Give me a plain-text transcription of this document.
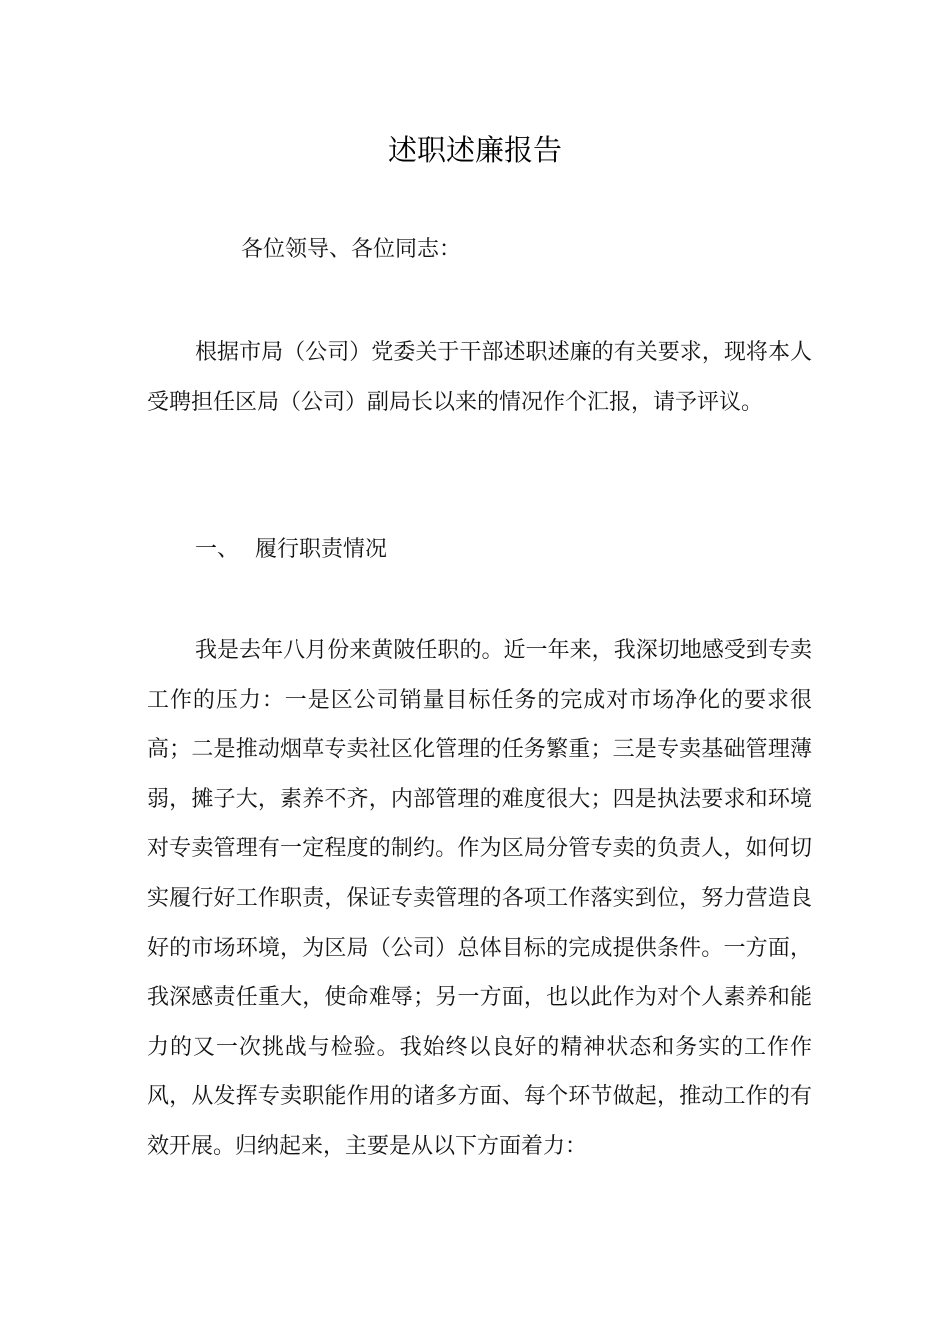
述职述廉报告
各位领导、各位同志：

根据市局（公司）党委关于干部述职述廉的有关要求，现将本人受聘担任区局（公司）副局长以来的情况作个汇报，请予评议。

一、 履行职责情况

我是去年八月份来黄陂任职的。近一年来，我深切地感受到专卖工作的压力：一是区公司销量目标任务的完成对市场净化的要求很高；二是推动烟草专卖社区化管理的任务繁重；三是专卖基础管理薄弱，摊子大，素养不齐，内部管理的难度很大；四是执法要求和环境对专卖管理有一定程度的制约。作为区局分管专卖的负责人，如何切实履行好工作职责，保证专卖管理的各项工作落实到位，努力营造良好的市场环境，为区局（公司）总体目标的完成提供条件。一方面，我深感责任重大，使命难辱；另一方面，也以此作为对个人素养和能力的又一次挑战与检验。我始终以良好的精神状态和务实的工作作风，从发挥专卖职能作用的诸多方面、每个环节做起，推动工作的有效开展。归纳起来，主要是从以下方面着力：
